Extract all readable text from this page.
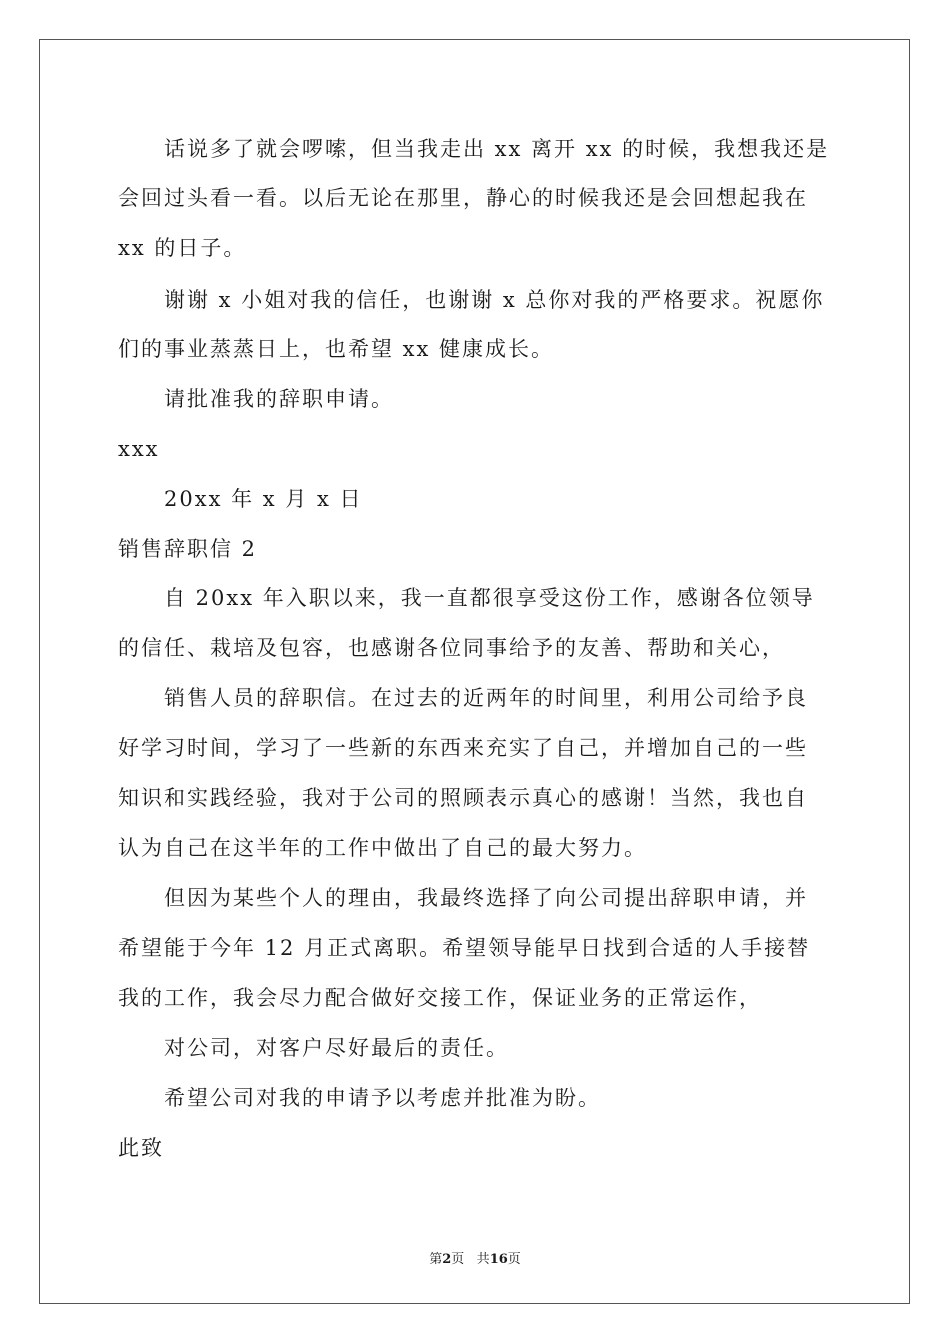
　　话说多了就会啰嗦，但当我走出 xx 离开 xx 的时候，我想我还是
会回过头看一看。以后无论在那里，静心的时候我还是会回想起我在
xx 的日子。
　　谢谢 x 小姐对我的信任，也谢谢 x 总你对我的严格要求。祝愿你
们的事业蒸蒸日上，也希望 xx 健康成长。
　　请批准我的辞职申请。
xxx
　　20xx 年 x 月 x 日
销售辞职信 2
　　自 20xx 年入职以来，我一直都很享受这份工作，感谢各位领导
的信任、栽培及包容，也感谢各位同事给予的友善、帮助和关心，
　　销售人员的辞职信。在过去的近两年的时间里，利用公司给予良
好学习时间，学习了一些新的东西来充实了自己，并增加自己的一些
知识和实践经验，我对于公司的照顾表示真心的感谢！当然，我也自
认为自己在这半年的工作中做出了自己的最大努力。
　　但因为某些个人的理由，我最终选择了向公司提出辞职申请，并
希望能于今年 12 月正式离职。希望领导能早日找到合适的人手接替
我的工作，我会尽力配合做好交接工作，保证业务的正常运作，
　　对公司，对客户尽好最后的责任。
　　希望公司对我的申请予以考虑并批准为盼。
此致
第2页 共16页
